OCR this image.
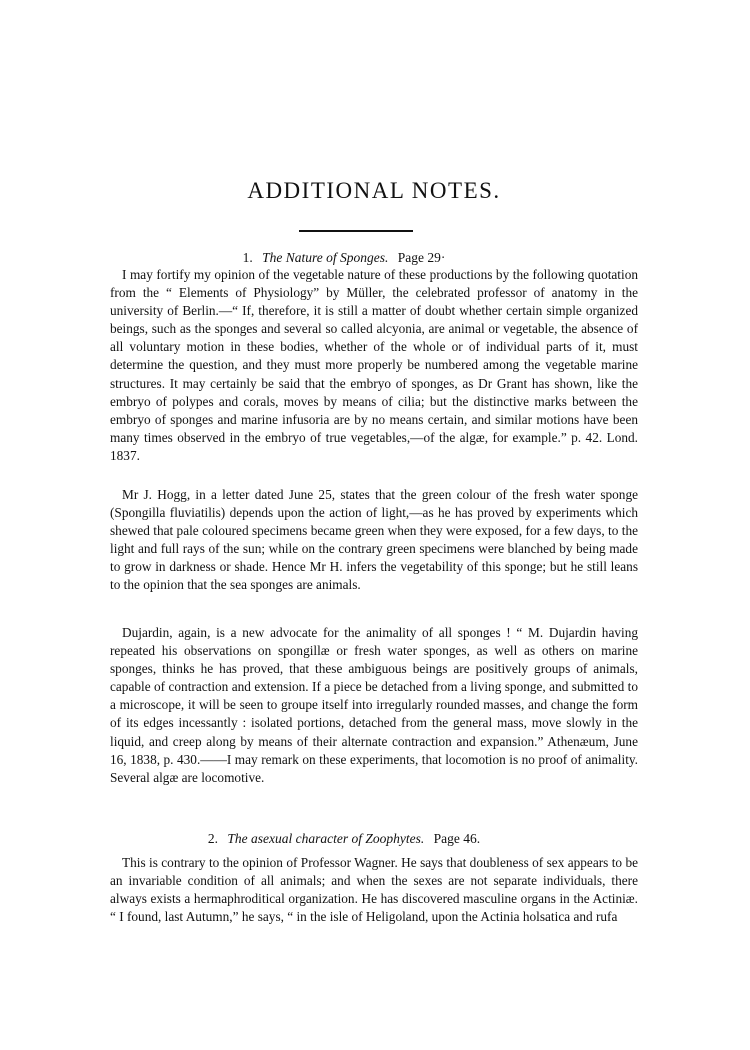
ADDITIONAL NOTES.
1. The Nature of Sponges. Page 29·

I may fortify my opinion of the vegetable nature of these productions by the following quotation from the “ Elements of Physiology” by Müller, the celebrated professor of anatomy in the university of Berlin.—“ If, therefore, it is still a matter of doubt whether certain simple organized beings, such as the sponges and several so called alcyonia, are animal or vegetable, the absence of all voluntary motion in these bodies, whether of the whole or of individual parts of it, must determine the question, and they must more properly be numbered among the vegetable marine structures. It may certainly be said that the embryo of sponges, as Dr Grant has shown, like the embryo of polypes and corals, moves by means of cilia; but the distinctive marks between the embryo of sponges and marine infusoria are by no means certain, and similar motions have been many times observed in the embryo of true vegetables,—of the algæ, for example.” p. 42. Lond. 1837.

Mr J. Hogg, in a letter dated June 25, states that the green colour of the fresh water sponge (Spongilla fluviatilis) depends upon the action of light,—as he has proved by experiments which shewed that pale coloured specimens became green when they were exposed, for a few days, to the light and full rays of the sun; while on the contrary green specimens were blanched by being made to grow in darkness or shade. Hence Mr H. infers the vegetability of this sponge; but he still leans to the opinion that the sea sponges are animals.

Dujardin, again, is a new advocate for the animality of all sponges ! “ M. Dujardin having repeated his observations on spongillæ or fresh water sponges, as well as others on marine sponges, thinks he has proved, that these ambiguous beings are positively groups of animals, capable of contraction and extension. If a piece be detached from a living sponge, and submitted to a microscope, it will be seen to groupe itself into irregularly rounded masses, and change the form of its edges incessantly : isolated portions, detached from the general mass, move slowly in the liquid, and creep along by means of their alternate contraction and expansion.” Athenæum, June 16, 1838, p. 430.——I may remark on these experiments, that locomotion is no proof of animality. Several algæ are locomotive.

2. The asexual character of Zoophytes. Page 46.

This is contrary to the opinion of Professor Wagner. He says that doubleness of sex appears to be an invariable condition of all animals; and when the sexes are not separate individuals, there always exists a hermaphroditical organization. He has discovered masculine organs in the Actiniæ. “ I found, last Autumn,” he says, “ in the isle of Heligoland, upon the Actinia holsatica and rufa
